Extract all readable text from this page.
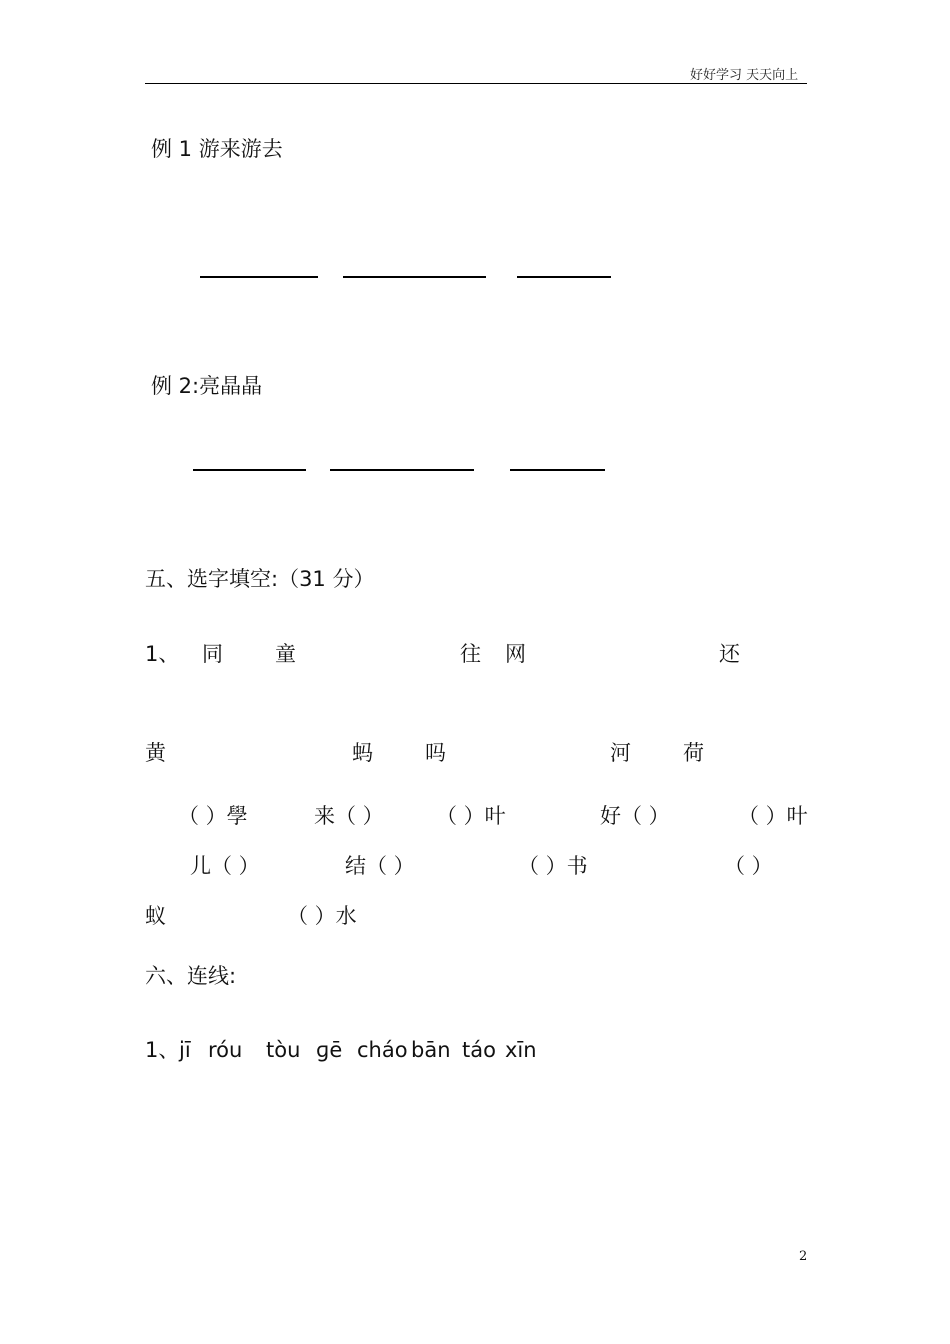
好好学习 天天向上
例 1 游来游去
例 2:亮晶晶
五、选字填空:（31 分）
1、 同 童	往 网	还
黄	蚂 吗	河 荷
（ ）學	来（ ） （ ）叶	好（ ）	（ ）叶
儿（ ）	结（ ）	（ ）书	（ ）
蚁	（ ）水
六、连线:
1、 jī róu tòu ɡē cháo bān táo xīn
2
